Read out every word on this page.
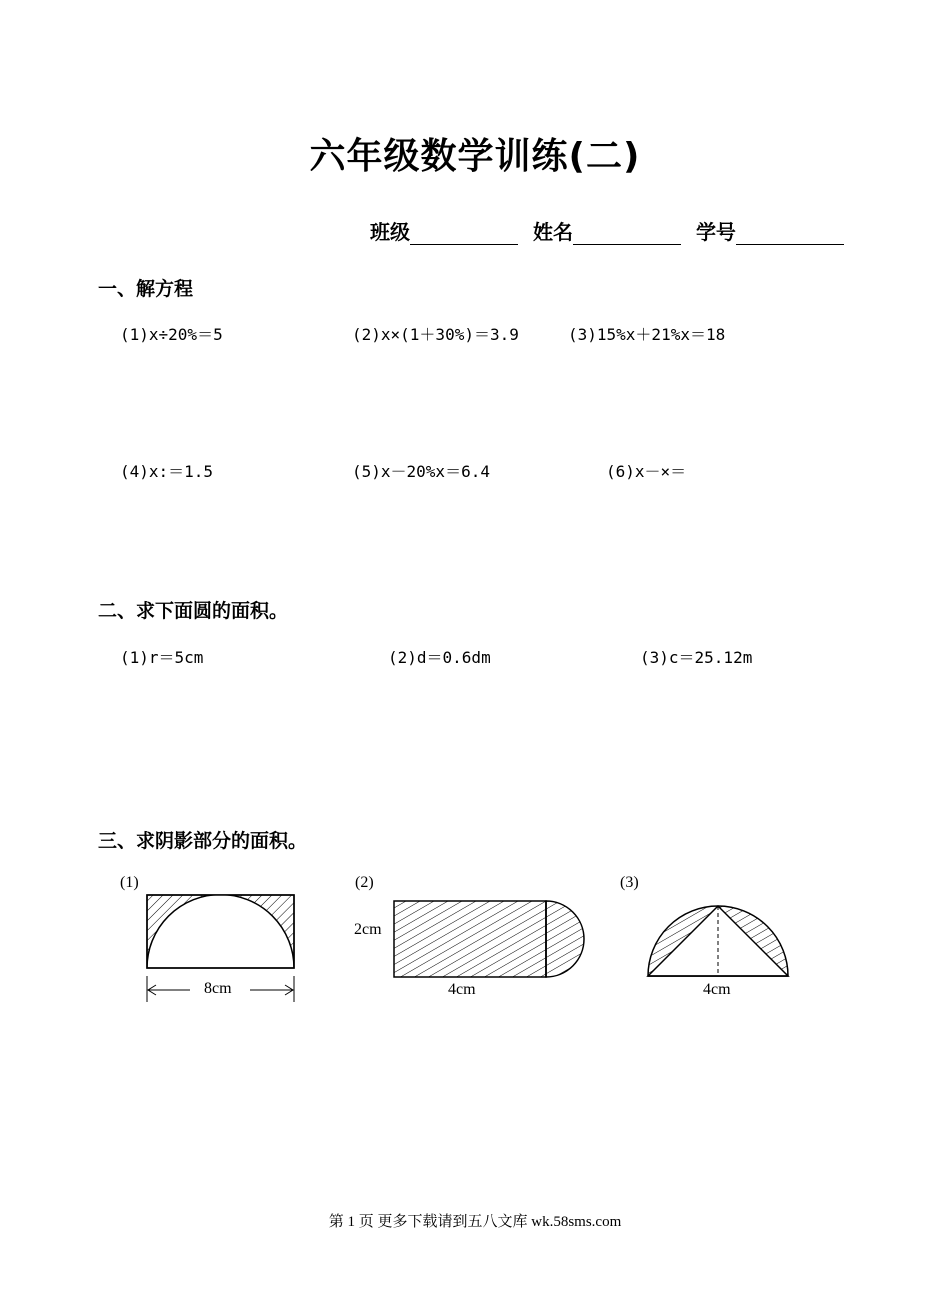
六年级数学训练(二)
班级	姓名	学号
一、解方程
(1)x÷20%＝5	(2)x×(1＋30%)＝3.9	(3)15%x＋21%x＝18
(4)x:＝1.5	(5)x－20%x＝6.4	(6)x－×＝
二、求下面圆的面积。
(1)r＝5cm	(2)d＝0.6dm	(3)c＝25.12m
三、求阴影部分的面积。
(1)	(2)	(3)
8cm
2cm
4cm	4cm
第 1 页 更多下载请到五八文库 wk.58sms.com
